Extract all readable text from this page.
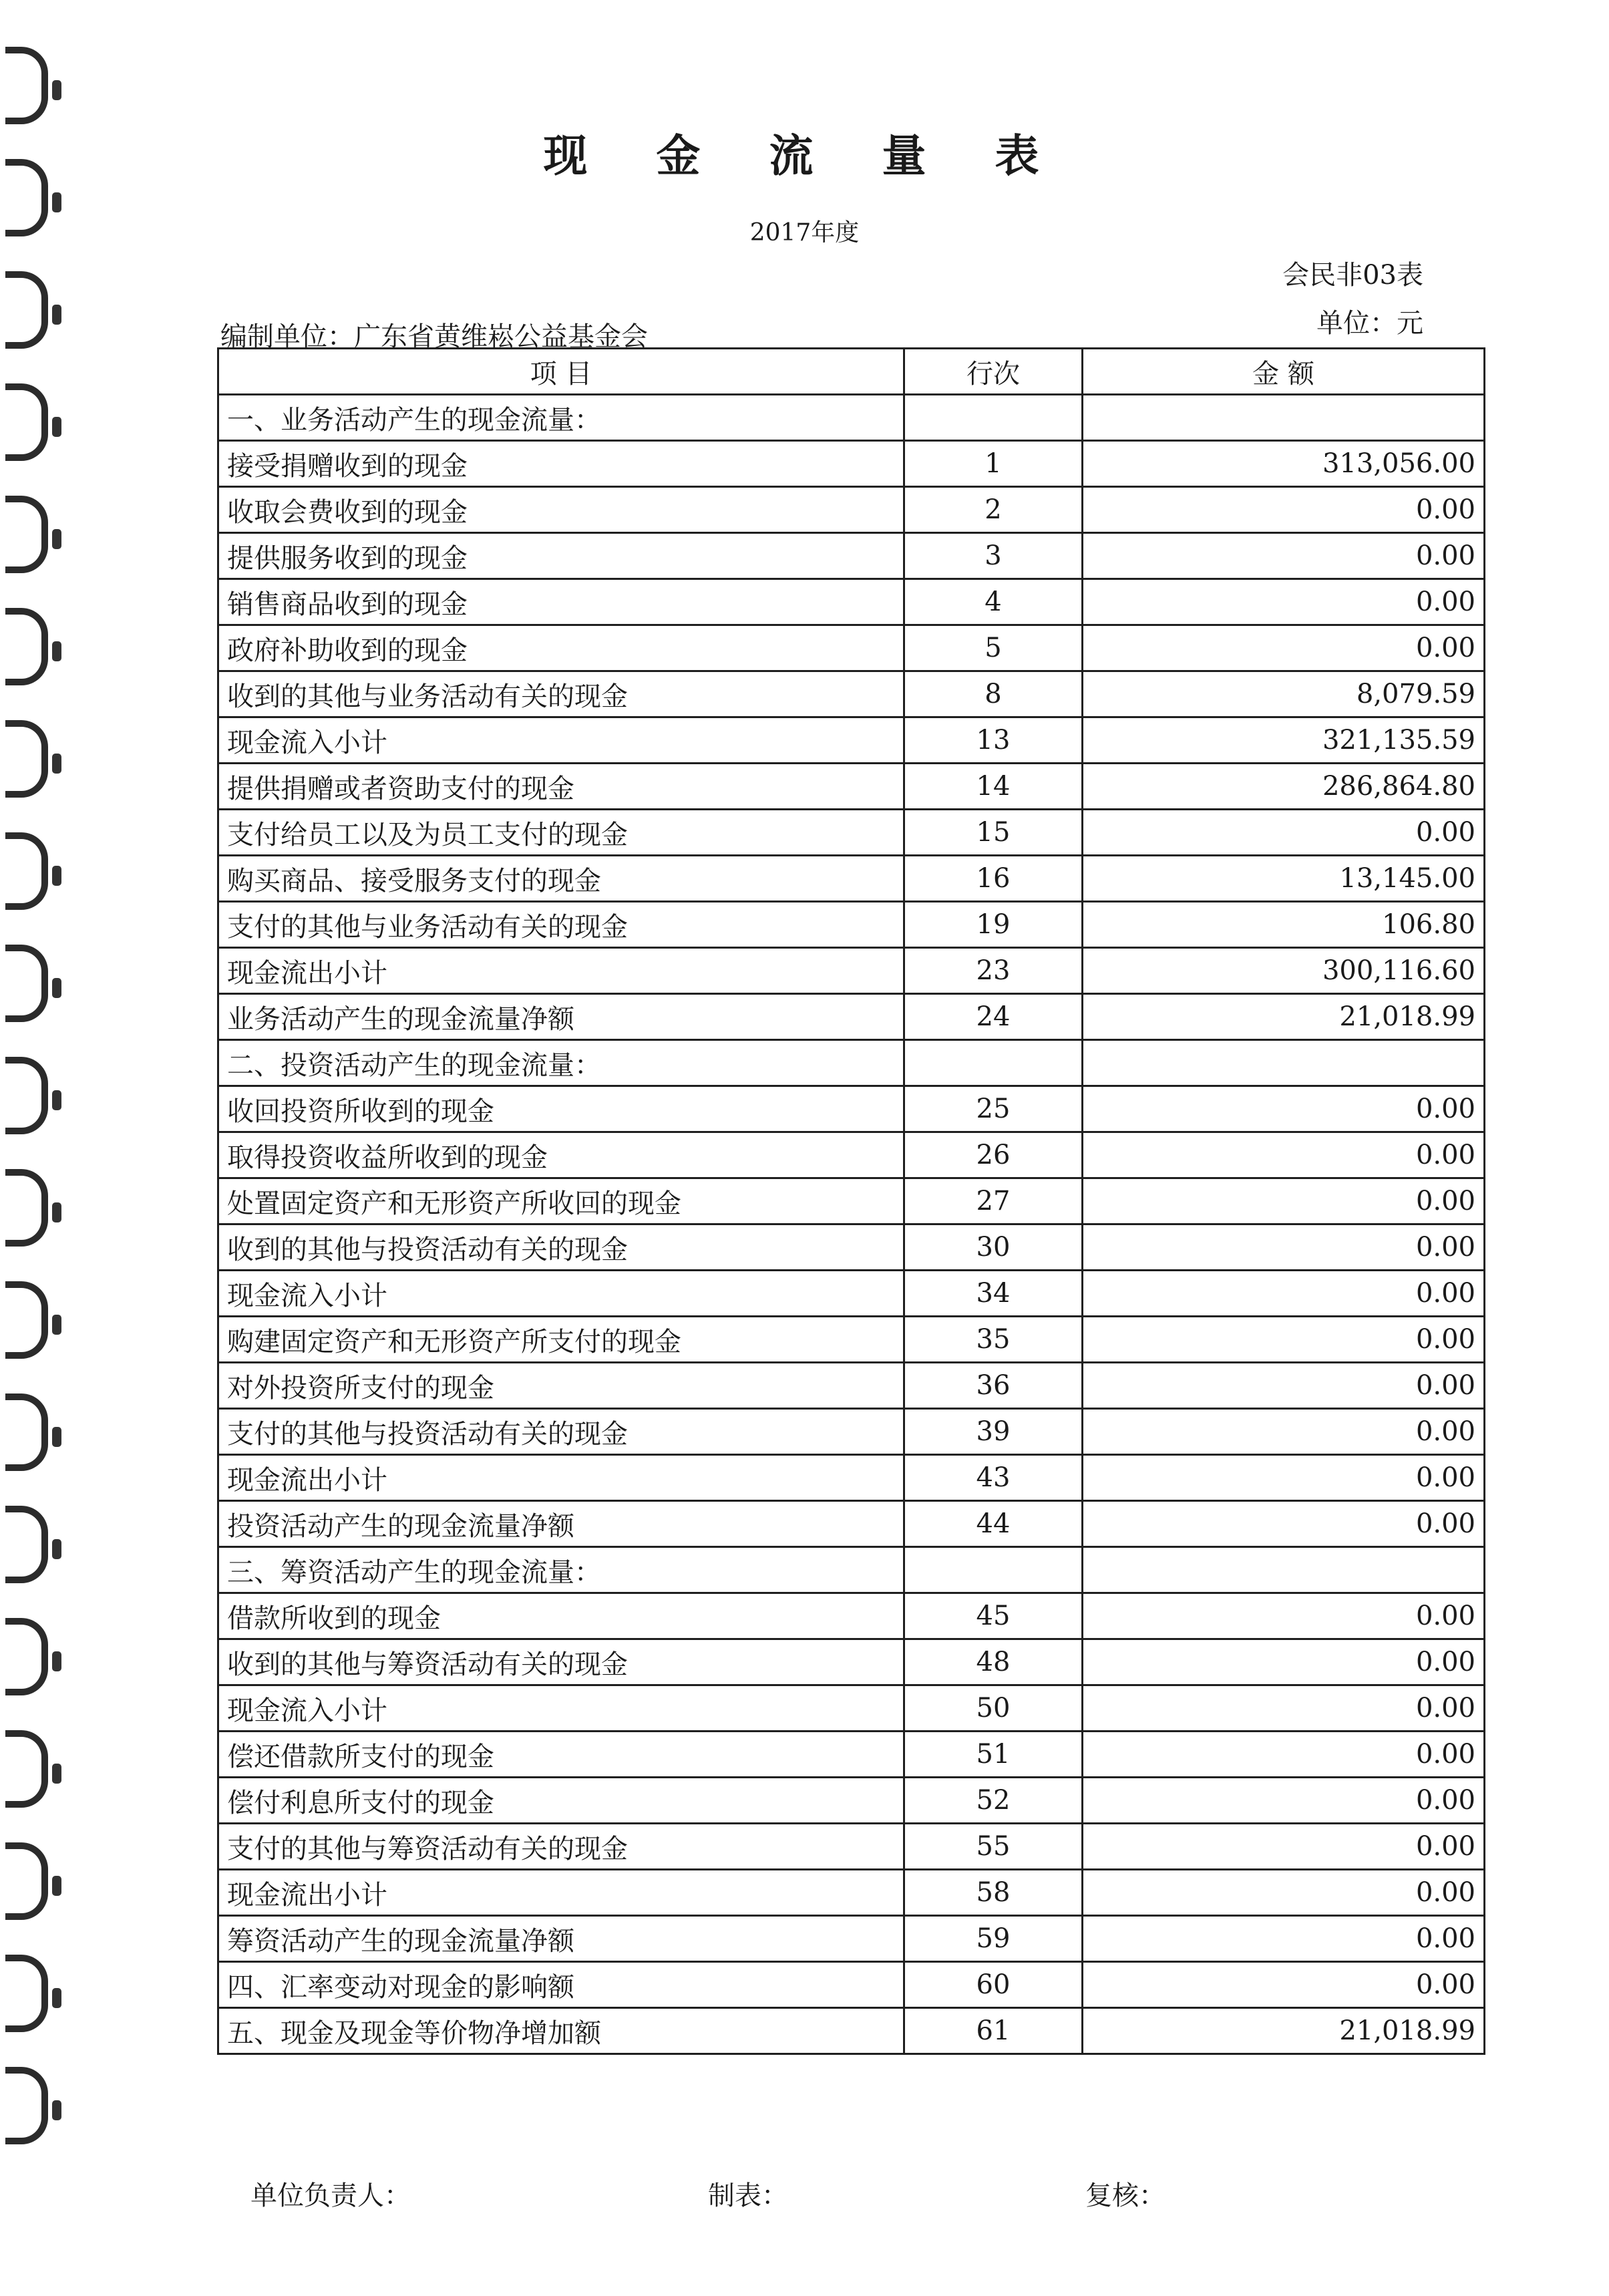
现 金 流 量 表
2017年度
会民非03表
单位：元
编制单位：广东省黄维崧公益基金会
项 目	行次	金 额
一、业务活动产生的现金流量：		
接受捐赠收到的现金	1	313,056.00
收取会费收到的现金	2	0.00
提供服务收到的现金	3	0.00
销售商品收到的现金	4	0.00
政府补助收到的现金	5	0.00
收到的其他与业务活动有关的现金	8	8,079.59
现金流入小计	13	321,135.59
提供捐赠或者资助支付的现金	14	286,864.80
支付给员工以及为员工支付的现金	15	0.00
购买商品、接受服务支付的现金	16	13,145.00
支付的其他与业务活动有关的现金	19	106.80
现金流出小计	23	300,116.60
业务活动产生的现金流量净额	24	21,018.99
二、投资活动产生的现金流量：		
收回投资所收到的现金	25	0.00
取得投资收益所收到的现金	26	0.00
处置固定资产和无形资产所收回的现金	27	0.00
收到的其他与投资活动有关的现金	30	0.00
现金流入小计	34	0.00
购建固定资产和无形资产所支付的现金	35	0.00
对外投资所支付的现金	36	0.00
支付的其他与投资活动有关的现金	39	0.00
现金流出小计	43	0.00
投资活动产生的现金流量净额	44	0.00
三、筹资活动产生的现金流量：		
借款所收到的现金	45	0.00
收到的其他与筹资活动有关的现金	48	0.00
现金流入小计	50	0.00
偿还借款所支付的现金	51	0.00
偿付利息所支付的现金	52	0.00
支付的其他与筹资活动有关的现金	55	0.00
现金流出小计	58	0.00
筹资活动产生的现金流量净额	59	0.00
四、汇率变动对现金的影响额	60	0.00
五、现金及现金等价物净增加额	61	21,018.99
单位负责人：	制表：	复核：
